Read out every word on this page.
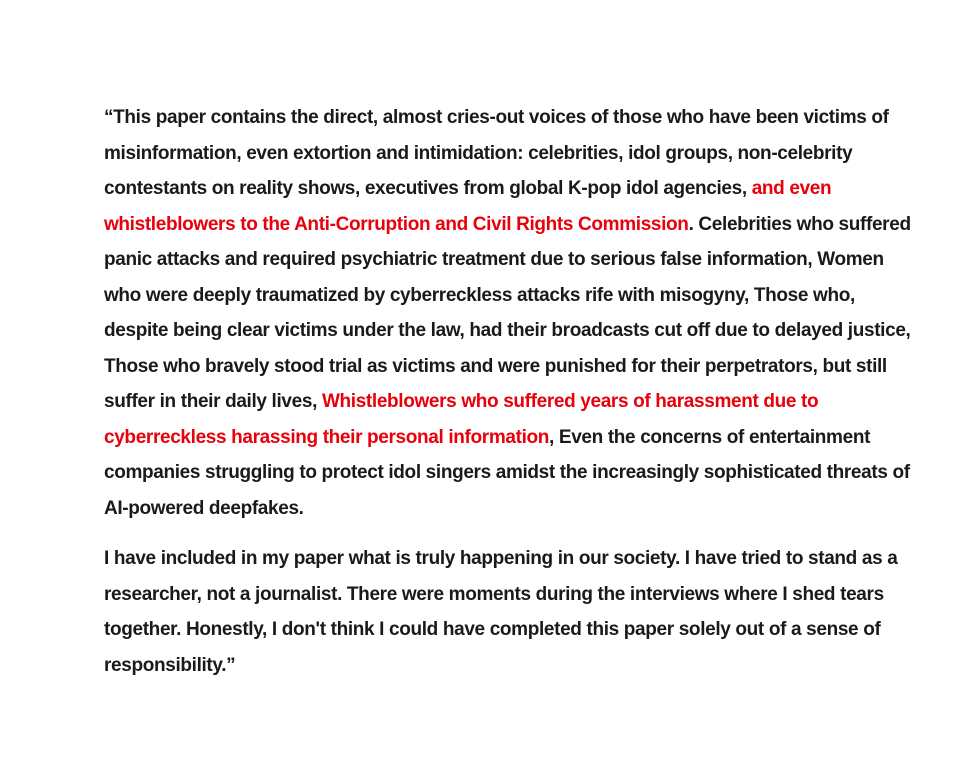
“This paper contains the direct, almost cries-out voices of those who have been victims of
misinformation, even extortion and intimidation: celebrities, idol groups, non-celebrity
contestants on reality shows, executives from global K-pop idol agencies, and even
whistleblowers to the Anti-Corruption and Civil Rights Commission. Celebrities who suffered
panic attacks and required psychiatric treatment due to serious false information, Women
who were deeply traumatized by cyberreckless attacks rife with misogyny, Those who,
despite being clear victims under the law, had their broadcasts cut off due to delayed justice,
Those who bravely stood trial as victims and were punished for their perpetrators, but still
suffer in their daily lives, Whistleblowers who suffered years of harassment due to
cyberreckless harassing their personal information, Even the concerns of entertainment
companies struggling to protect idol singers amidst the increasingly sophisticated threats of
AI-powered deepfakes.

I have included in my paper what is truly happening in our society. I have tried to stand as a
researcher, not a journalist. There were moments during the interviews where I shed tears
together. Honestly, I don't think I could have completed this paper solely out of a sense of
responsibility.”
